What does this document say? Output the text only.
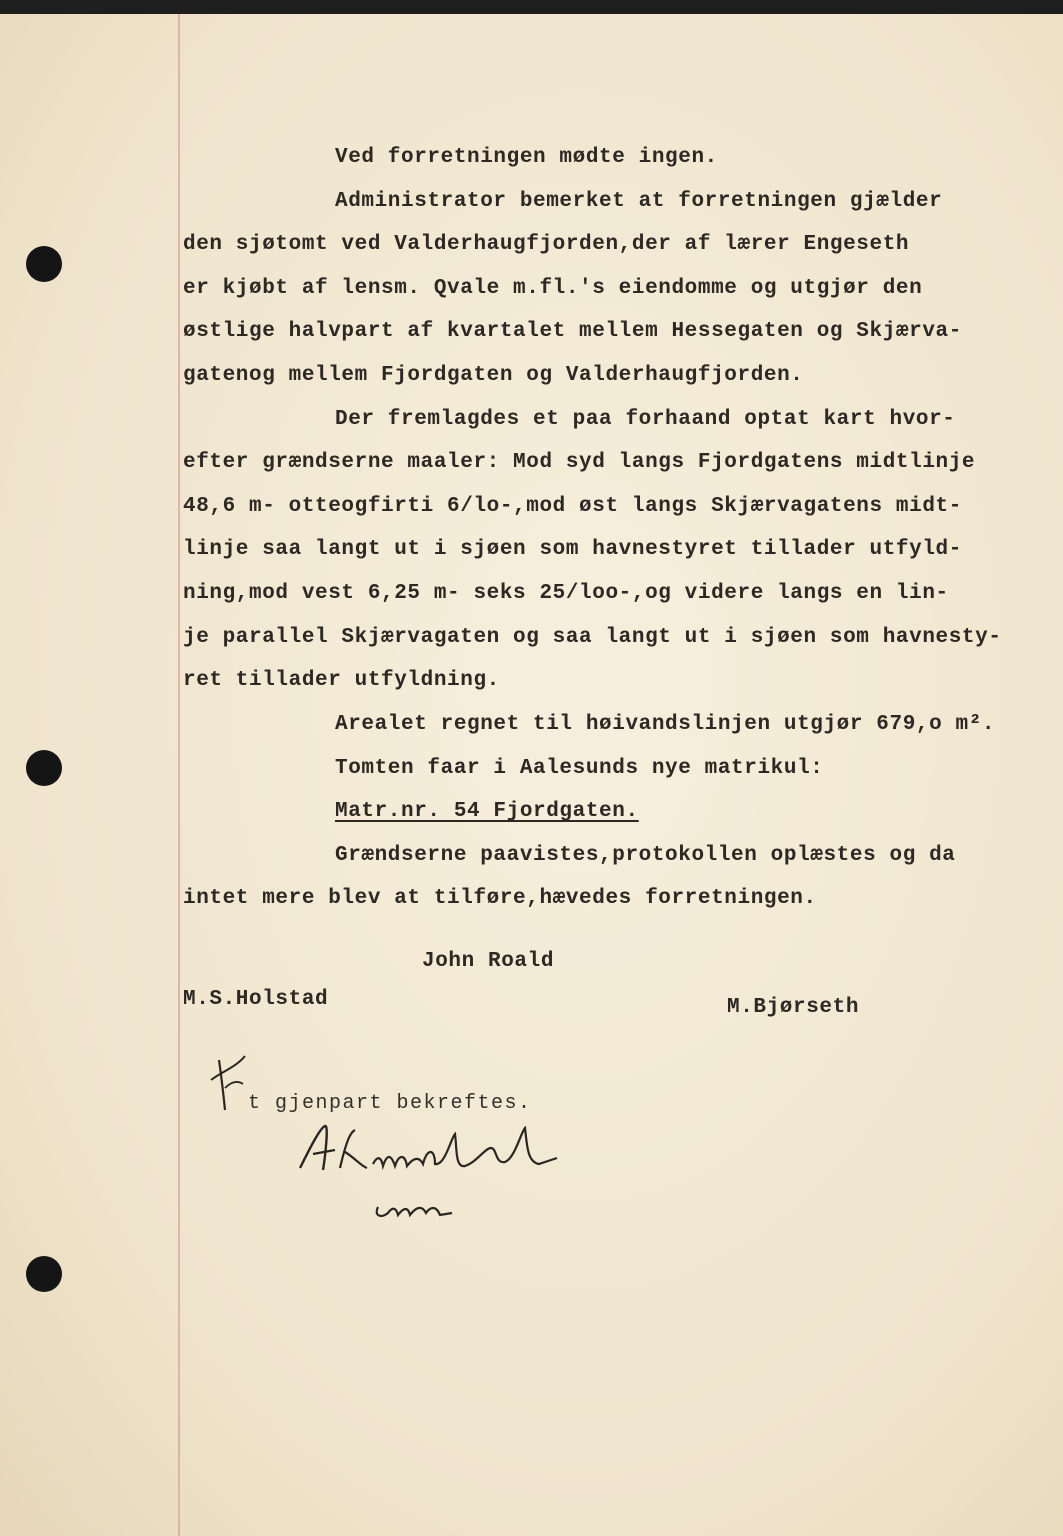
Ved forretningen mødte ingen.
Administrator bemerket at forretningen gjælder
den sjøtomt ved Valderhaugfjorden,der af lærer Engeseth
er kjøbt af lensm. Qvale m.fl.'s eiendomme og utgjør den
østlige halvpart af kvartalet mellem Hessegaten og Skjærva-
gatenog mellem Fjordgaten og Valderhaugfjorden.
Der fremlagdes et paa forhaand optat kart hvor-
efter grændserne maaler: Mod syd langs Fjordgatens midtlinje
48,6 m- otteogfirti 6/lo-,mod øst langs Skjærvagatens midt-
linje saa langt ut i sjøen som havnestyret tillader utfyld-
ning,mod vest 6,25 m- seks 25/loo-,og videre langs en lin-
je parallel Skjærvagaten og saa langt ut i sjøen som havnesty-
ret tillader utfyldning.
Arealet regnet til høivandslinjen utgjør 679,o m².
Tomten faar i Aalesunds nye matrikul:
Matr.nr. 54 Fjordgaten.
Grændserne paavistes,protokollen oplæstes og da
intet mere blev at tilføre,hævedes forretningen.
John Roald
M.S.Holstad	M.Bjørseth
t gjenpart bekreftes.
